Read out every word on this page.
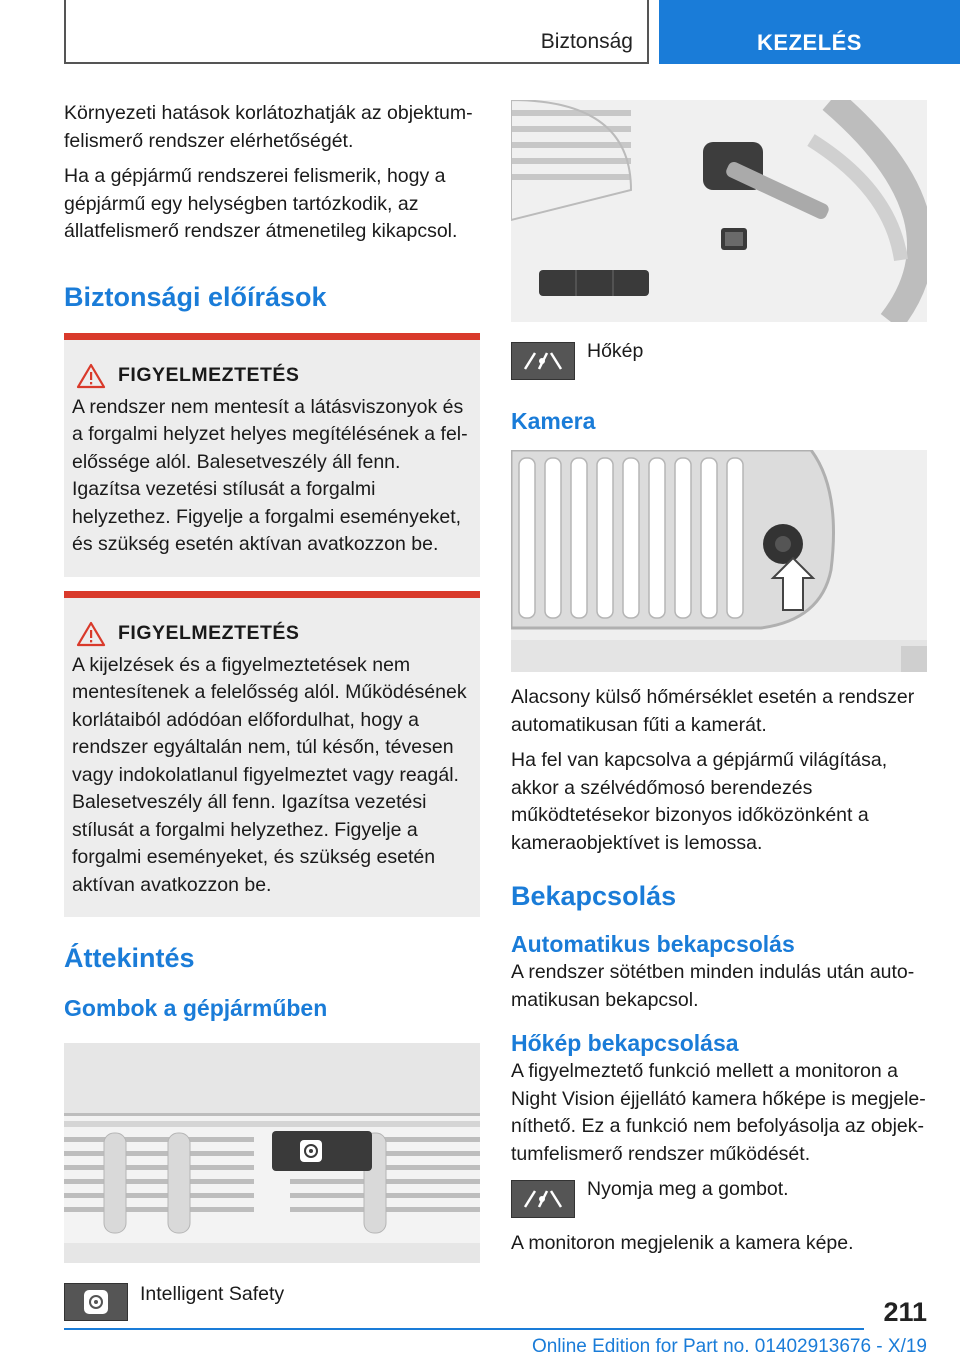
Biztonság	KEZELÉS

Környezeti hatások korlátozhatják az objektumfelismerő rendszer elérhetőségét.

Ha a gépjármű rendszerei felismerik, hogy a gépjármű egy helységben tartózkodik, az állatfelismerő rendszer átmenetileg kikapcsol.

Biztonsági előírások
FIGYELMEZTETÉS

A rendszer nem mentesít a látásviszonyok és a forgalmi helyzet helyes megítélésének a felelőssége alól. Balesetveszély áll fenn. Igazítsa vezetési stílusát a forgalmi helyzethez. Figyelje a forgalmi eseményeket, és szükség esetén aktívan avatkozzon be.

FIGYELMEZTETÉS

A kijelzések és a figyelmeztetések nem mentesítenek a felelősség alól. Működésének korlátaiból adódóan előfordulhat, hogy a rendszer egyáltalán nem, túl későn, tévesen vagy indokolatlanul figyelmeztet vagy reagál. Balesetveszély áll fenn. Igazítsa vezetési stílusát a forgalmi helyzethez. Figyelje a forgalmi eseményeket, és szükség esetén aktívan avatkozzon be.

Áttekintés
Gombok a gépjárműben
Intelligent Safety
Hőkép
Kamera

Alacsony külső hőmérséklet esetén a rendszer automatikusan fűti a kamerát.

Ha fel van kapcsolva a gépjármű világítása, akkor a szélvédőmosó berendezés működtetésekor bizonyos időközönként a kameraobjektívet is lemossa.

Bekapcsolás
Automatikus bekapcsolás

A rendszer sötétben minden indulás után automatikusan bekapcsol.

Hőkép bekapcsolása

A figyelmeztető funkció mellett a monitoron a Night Vision éjjellátó kamera hőképe is megjeleníthető. Ez a funkció nem befolyásolja az objektumfelismerő rendszer működését.

Nyomja meg a gombot.

A monitoron megjelenik a kamera képe.

211
Online Edition for Part no. 01402913676 - X/19
